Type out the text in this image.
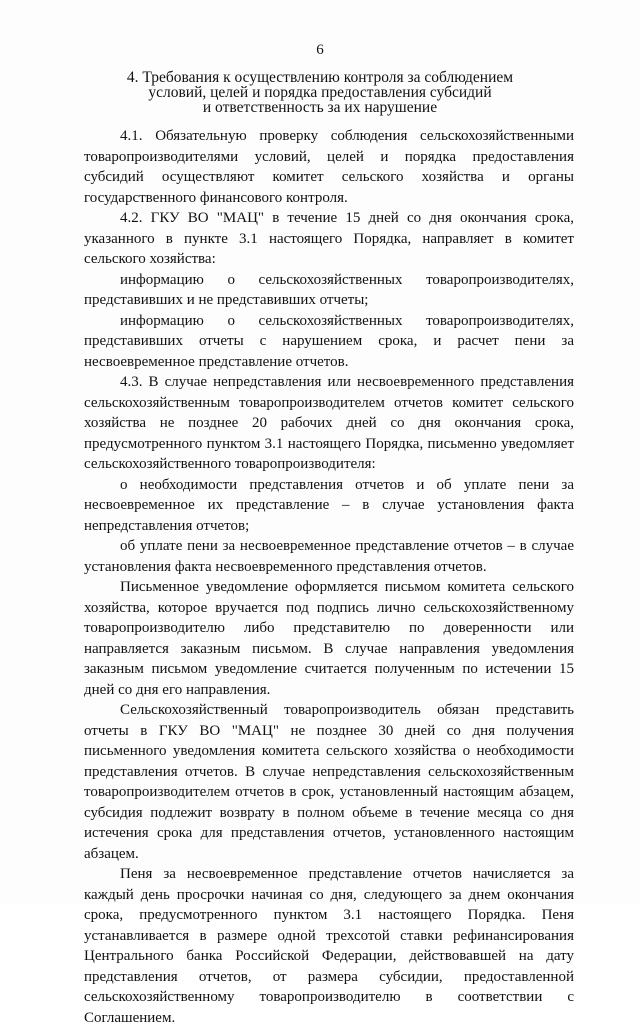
6
4. Требования к осуществлению контроля за соблюдением
условий, целей и порядка предоставления субсидий
и ответственность за их нарушение

4.1. Обязательную проверку соблюдения сельскохозяйственными товаропроизводителями условий, целей и порядка предоставления субсидий осуществляют комитет сельского хозяйства и органы государственного финансового контроля.

4.2. ГКУ ВО "МАЦ" в течение 15 дней со дня окончания срока, указанного в пункте 3.1 настоящего Порядка, направляет в комитет сельского хозяйства:

информацию о сельскохозяйственных товаропроизводителях, представивших и не представивших отчеты;

информацию о сельскохозяйственных товаропроизводителях, представивших отчеты с нарушением срока, и расчет пени за несвоевременное представление отчетов.

4.3. В случае непредставления или несвоевременного представления сельскохозяйственным товаропроизводителем отчетов комитет сельского хозяйства не позднее 20 рабочих дней со дня окончания срока, предусмотренного пунктом 3.1 настоящего Порядка, письменно уведомляет сельскохозяйственного товаропроизводителя:

о необходимости представления отчетов и об уплате пени за несвоевременное их представление – в случае установления факта непредставления отчетов;

об уплате пени за несвоевременное представление отчетов – в случае установления факта несвоевременного представления отчетов.

Письменное уведомление оформляется письмом комитета сельского хозяйства, которое вручается под подпись лично сельскохозяйственному товаропроизводителю либо представителю по доверенности или направляется заказным письмом. В случае направления уведомления заказным письмом уведомление считается полученным по истечении 15 дней со дня его направления.

Сельскохозяйственный товаропроизводитель обязан представить отчеты в ГКУ ВО "МАЦ" не позднее 30 дней со дня получения письменного уведомления комитета сельского хозяйства о необходимости представления отчетов. В случае непредставления сельскохозяйственным товаропроизводителем отчетов в срок, установленный настоящим абзацем, субсидия подлежит возврату в полном объеме в течение месяца со дня истечения срока для представления отчетов, установленного настоящим абзацем.

Пеня за несвоевременное представление отчетов начисляется за каждый день просрочки начиная со дня, следующего за днем окончания срока, предусмотренного пунктом 3.1 настоящего Порядка. Пеня устанавливается в размере одной трехсотой ставки рефинансирования Центрального банка Российской Федерации, действовавшей на дату представления отчетов, от размера субсидии, предоставленной сельскохозяйственному товаропроизводителю в соответствии с Соглашением.
